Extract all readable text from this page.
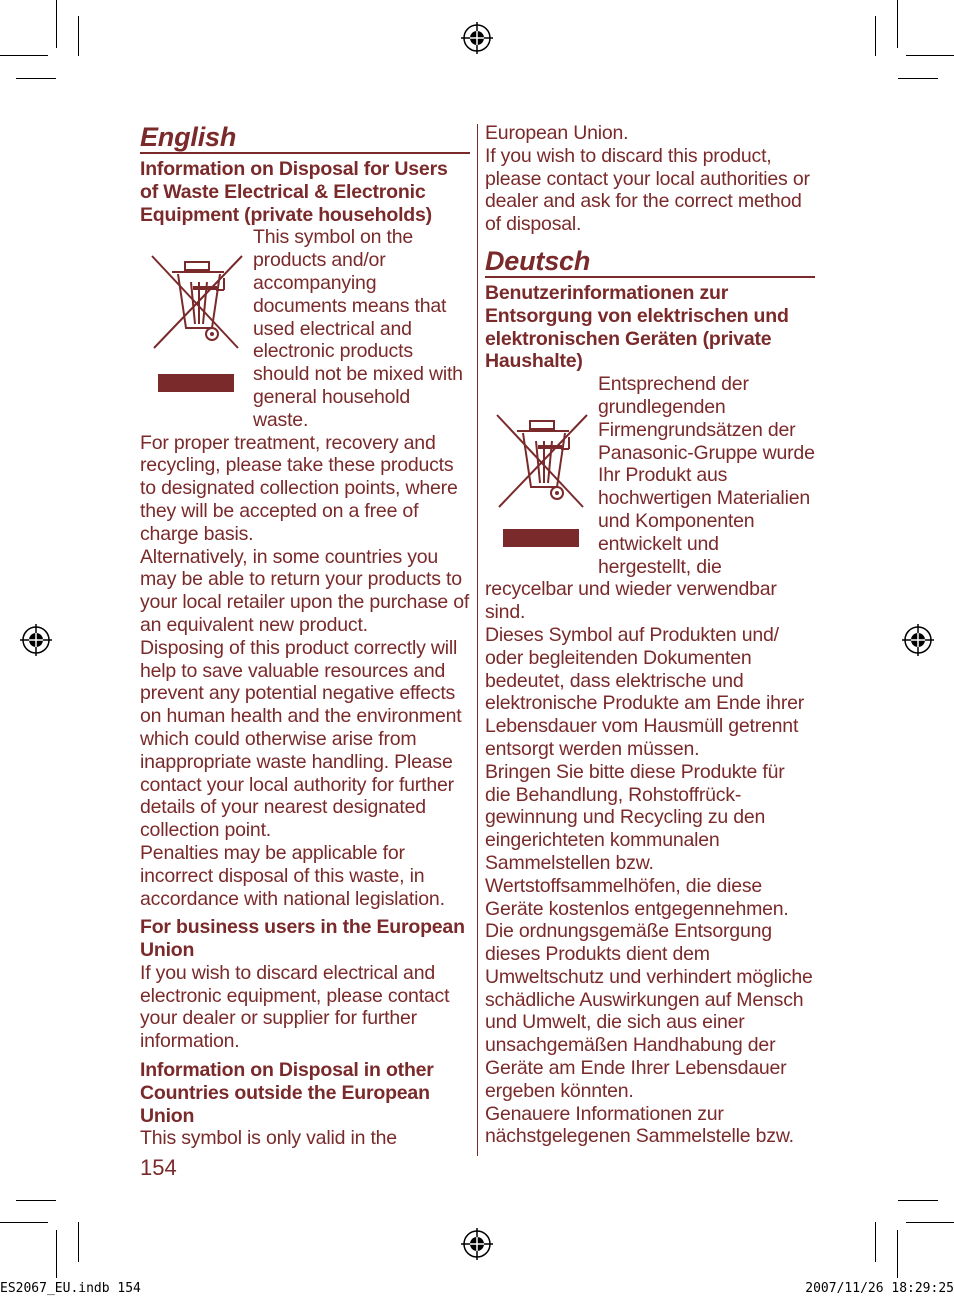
English
Information on Disposal for Users of Waste Electrical & Electronic Equipment (private households)
This symbol on the products and/or accompanying documents means that used electrical and electronic products should not be mixed with general household waste.

For proper treatment, recovery and recycling, please take these products to designated collection points, where they will be accepted on a free of charge basis.

Alternatively, in some countries you may be able to return your products to your local retailer upon the purchase of an equivalent new product.

Disposing of this product correctly will help to save valuable resources and prevent any potential negative effects on human health and the environment which could otherwise arise from inappropriate waste handling. Please contact your local authority for further details of your nearest designated collection point.

Penalties may be applicable for incorrect disposal of this waste, in accordance with national legislation.

For business users in the European Union

If you wish to discard electrical and electronic equipment, please contact your dealer or supplier for further information.

Information on Disposal in other Countries outside the European Union

This symbol is only valid in the

154

European Union.

If you wish to discard this product, please contact your local authorities or dealer and ask for the correct method of disposal.

Deutsch
Benutzerinformationen zur Entsorgung von elektrischen und elektronischen Geräten (private Haushalte)
Entsprechend der grundlegenden Firmengrundsätzen der Panasonic-Gruppe wurde Ihr Produkt aus hochwertigen Materialien und Komponenten entwickelt und hergestellt, die

recycelbar und wieder verwendbar sind.

Dieses Symbol auf Produkten und/ oder begleitenden Dokumenten bedeutet, dass elektrische und elektronische Produkte am Ende ihrer Lebensdauer vom Hausmüll getrennt entsorgt werden müssen.

Bringen Sie bitte diese Produkte für die Behandlung, Rohstoffrück-gewinnung und Recycling zu den eingerichteten kommunalen Sammelstellen bzw. Wertstoffsammelhöfen, die diese Geräte kostenlos entgegennehmen.

Die ordnungsgemäße Entsorgung dieses Produkts dient dem Umweltschutz und verhindert mögliche schädliche Auswirkungen auf Mensch und Umwelt, die sich aus einer unsachgemäßen Handhabung der Geräte am Ende Ihrer Lebensdauer ergeben könnten.

Genauere Informationen zur nächstgelegenen Sammelstelle bzw.

ES2067_EU.indb 154	2007/11/26 18:29:25
